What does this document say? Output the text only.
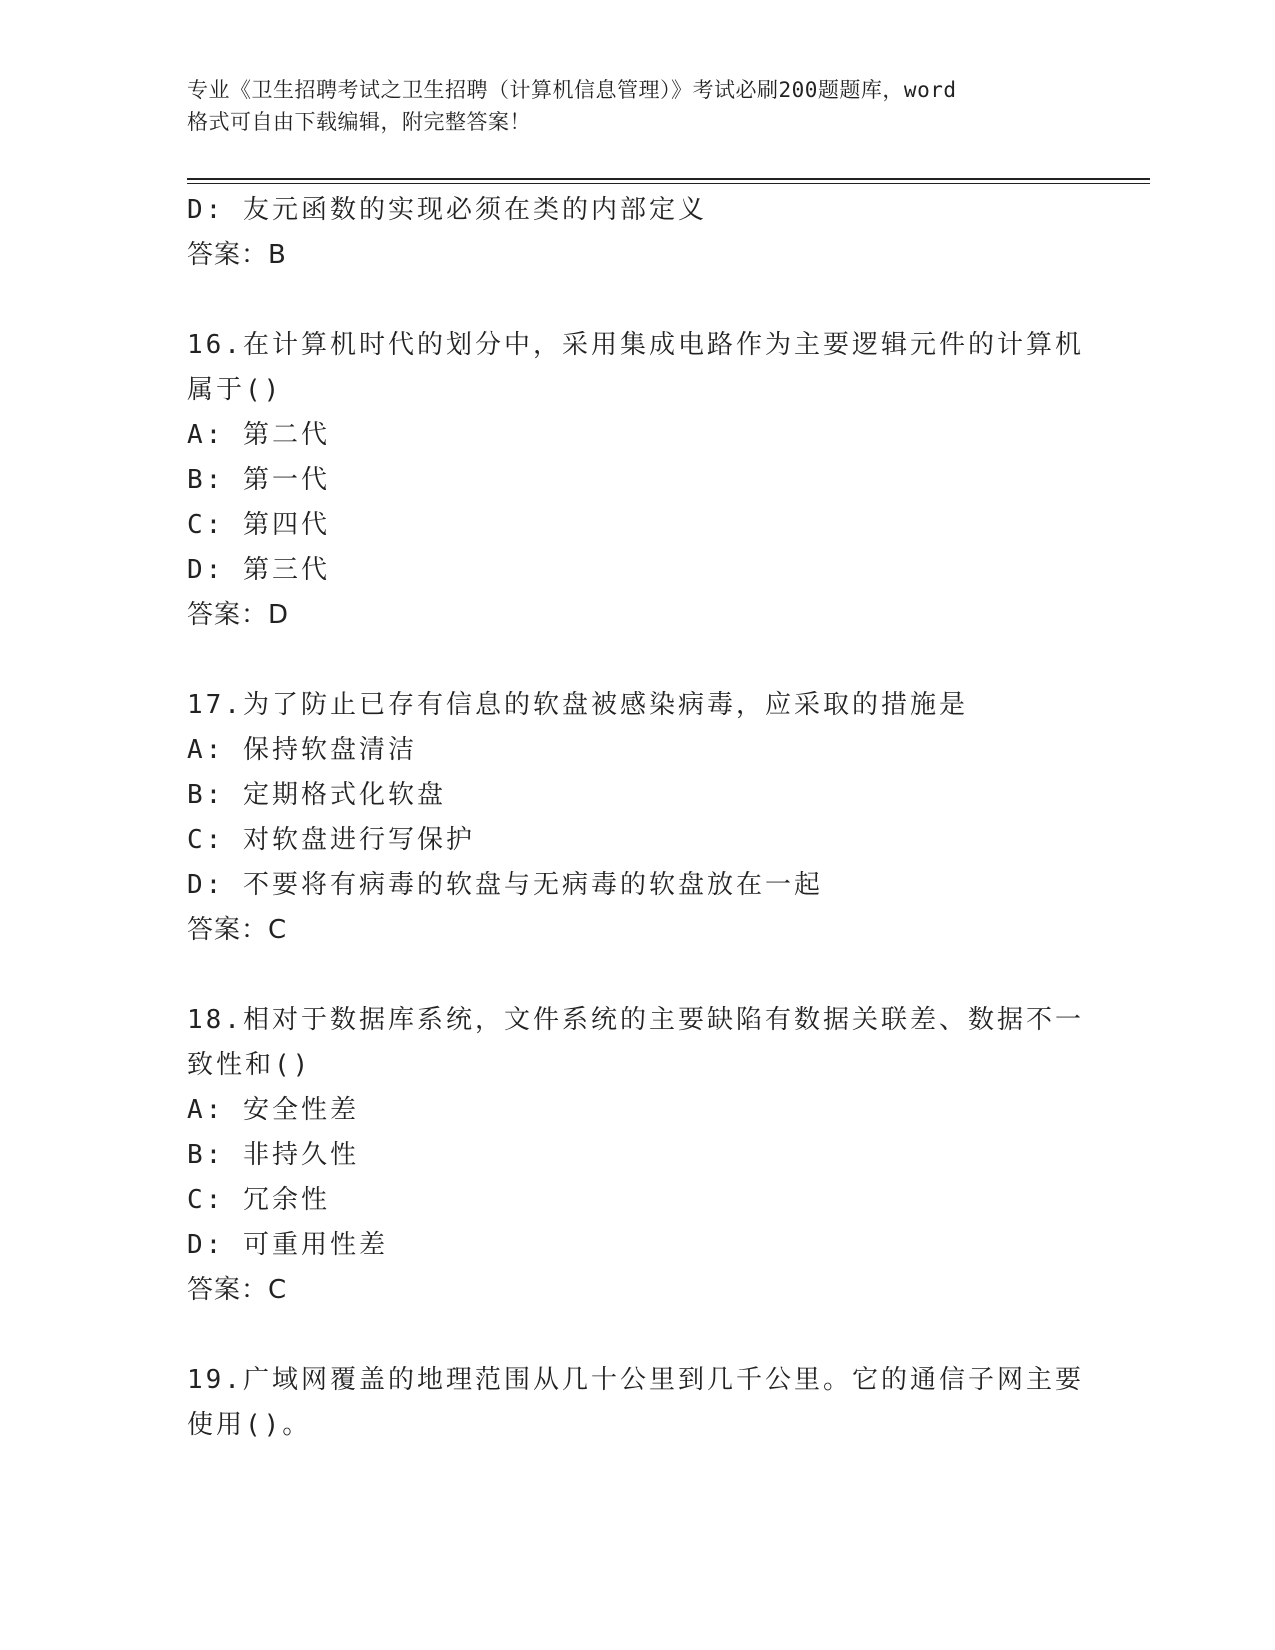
专业《卫生招聘考试之卫生招聘（计算机信息管理）》考试必刷200题题库，word

格式可自由下载编辑，附完整答案！

D: 友元函数的实现必须在类的内部定义
答案：B
16.在计算机时代的划分中，采用集成电路作为主要逻辑元件的计算机
属于()
A: 第二代
B: 第一代
C: 第四代
D: 第三代
答案：D
17.为了防止已存有信息的软盘被感染病毒，应采取的措施是
A: 保持软盘清洁
B: 定期格式化软盘
C: 对软盘进行写保护
D: 不要将有病毒的软盘与无病毒的软盘放在一起
答案：C
18.相对于数据库系统，文件系统的主要缺陷有数据关联差、数据不一
致性和()
A: 安全性差
B: 非持久性
C: 冗余性
D: 可重用性差
答案：C
19.广域网覆盖的地理范围从几十公里到几千公里。它的通信子网主要
使用()。
